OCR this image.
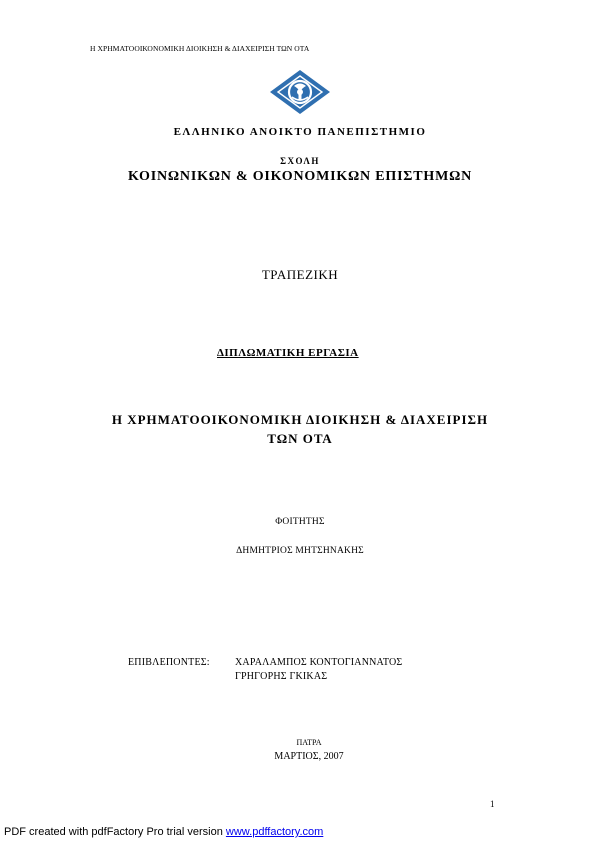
Η ΧΡΗΜΑΤΟΟΙΚΟΝΟΜΙΚΗ ΔΙΟΙΚΗΣΗ & ΔΙΑΧΕΙΡΙΣΗ ΤΩΝ ΟΤΑ
ΕΛΛΗΝΙΚΟ ΑΝΟΙΚΤΟ ΠΑΝΕΠΙΣΤΗΜΙΟ
ΣΧΟΛΗ
ΚΟΙΝΩΝΙΚΩΝ & ΟΙΚΟΝΟΜΙΚΩΝ ΕΠΙΣΤΗΜΩΝ
ΤΡΑΠΕΖΙΚΗ
ΔΙΠΛΩΜΑΤΙΚΗ ΕΡΓΑΣΙΑ
Η ΧΡΗΜΑΤΟΟΙΚΟΝΟΜΙΚΗ ΔΙΟΙΚΗΣΗ & ΔΙΑΧΕΙΡΙΣΗ
ΤΩΝ ΟΤΑ
ΦΟΙΤΗΤΗΣ
ΔΗΜΗΤΡΙΟΣ ΜΗΤΣΗΝΑΚΗΣ
ΕΠΙΒΛΕΠΟΝΤΕΣ:	ΧΑΡΑΛΑΜΠΟΣ ΚΟΝΤΟΓΙΑΝΝΑΤΟΣ
ΓΡΗΓΟΡΗΣ ΓΚΙΚΑΣ
ΠΑΤΡΑ
ΜΑΡΤΙΟΣ, 2007
1
PDF created with pdfFactory Pro trial version www.pdffactory.com
